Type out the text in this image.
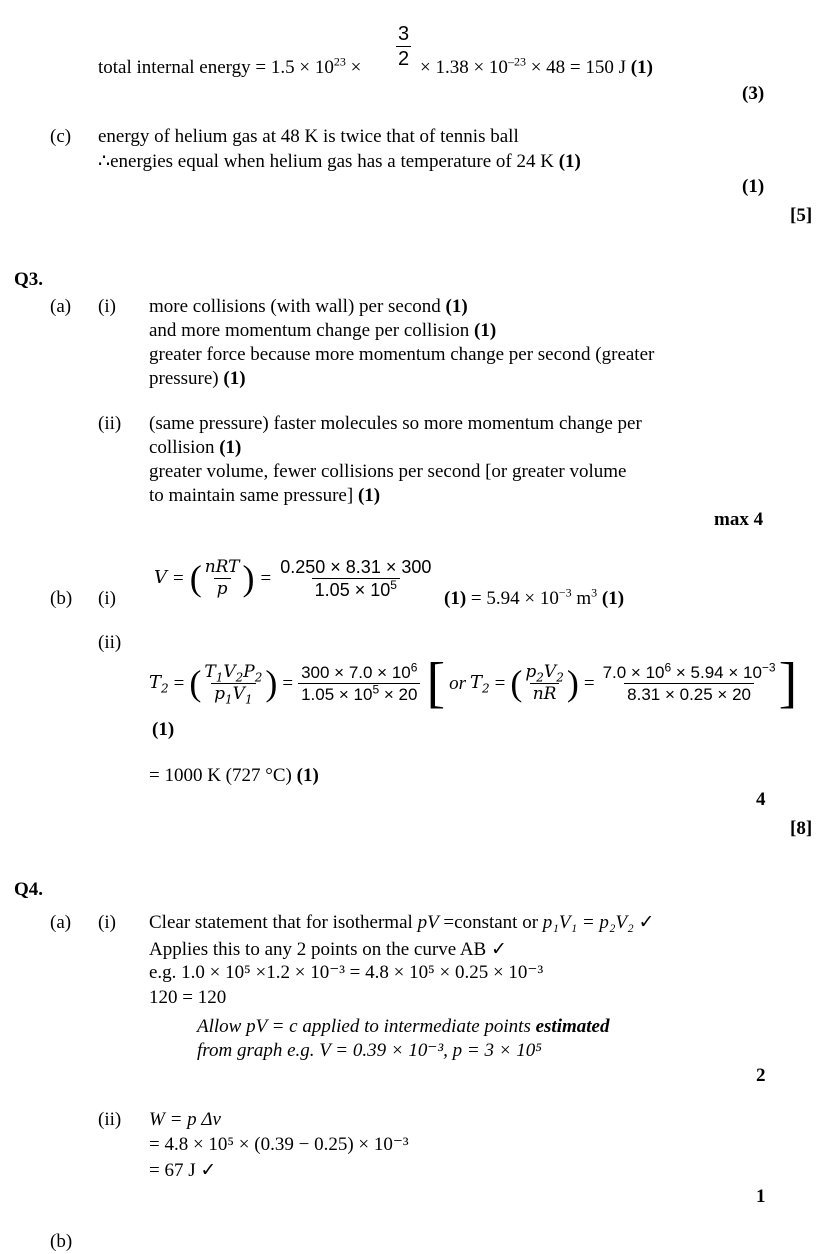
total internal energy = $1.5 \times 10^{23} \times \frac{3}{2} \times 1.38 \times 10^{-23} \times 48 = 150$ J (1)
(3)
(c) energy of helium gas at 48 K is twice that of tennis ball
∴energies equal when helium gas has a temperature of 24 K (1)
(1)
[5]
Q3.
(a) (i) more collisions (with wall) per second (1)
and more momentum change per collision (1)
greater force because more momentum change per second (greater
pressure) (1)
(ii) (same pressure) faster molecules so more momentum change per
collision (1)
greater volume, fewer collisions per second [or greater volume
to maintain same pressure] (1)
max 4
(b) (i)
V = ( $\frac{\text{nRT}}{p}$ ) = $\frac{0.250 \times 8.31 \times 300}{1.05 \times 10^5} (1) = 5.94 \times 10^{-3}$ $m^3$ (1)
(ii)
$T_2$ = ( $\frac{T_1V_2P_2}{p_1V_1}$ ) = $\frac{300 \times 7.0 \times 10^6}{1.05 \times 10^5 \times 20}$ [ or $T_2$ = ( $\frac{p_2V_2}{nR}$ ) = $\frac{7.0 \times 10^6 \times 5.94 \times 10^{-3}}{8.31 \times 0.25 \times 20}$ ]
(1)
= 1000 K (727 °C) (1)
4
[8]
Q4.
(a) (i) Clear statement that for isothermal pV =constant or p₁V₁ = p₂V₂ ✓
Applies this to any 2 points on the curve AB ✓
e.g. 1.0 × 10⁵ ×1.2 × 10⁻³ = 4.8 × 10⁵ × 0.25 × 10⁻³
120 = 120
Allow pV = c applied to intermediate points estimated
from graph e.g. V = 0.39 × 10⁻³, p = 3 × 10⁵
2
(ii) W = p Δv
= 4.8 × 10⁵ × (0.39 − 0.25) × 10⁻³
= 67 J ✓
1
(b)
